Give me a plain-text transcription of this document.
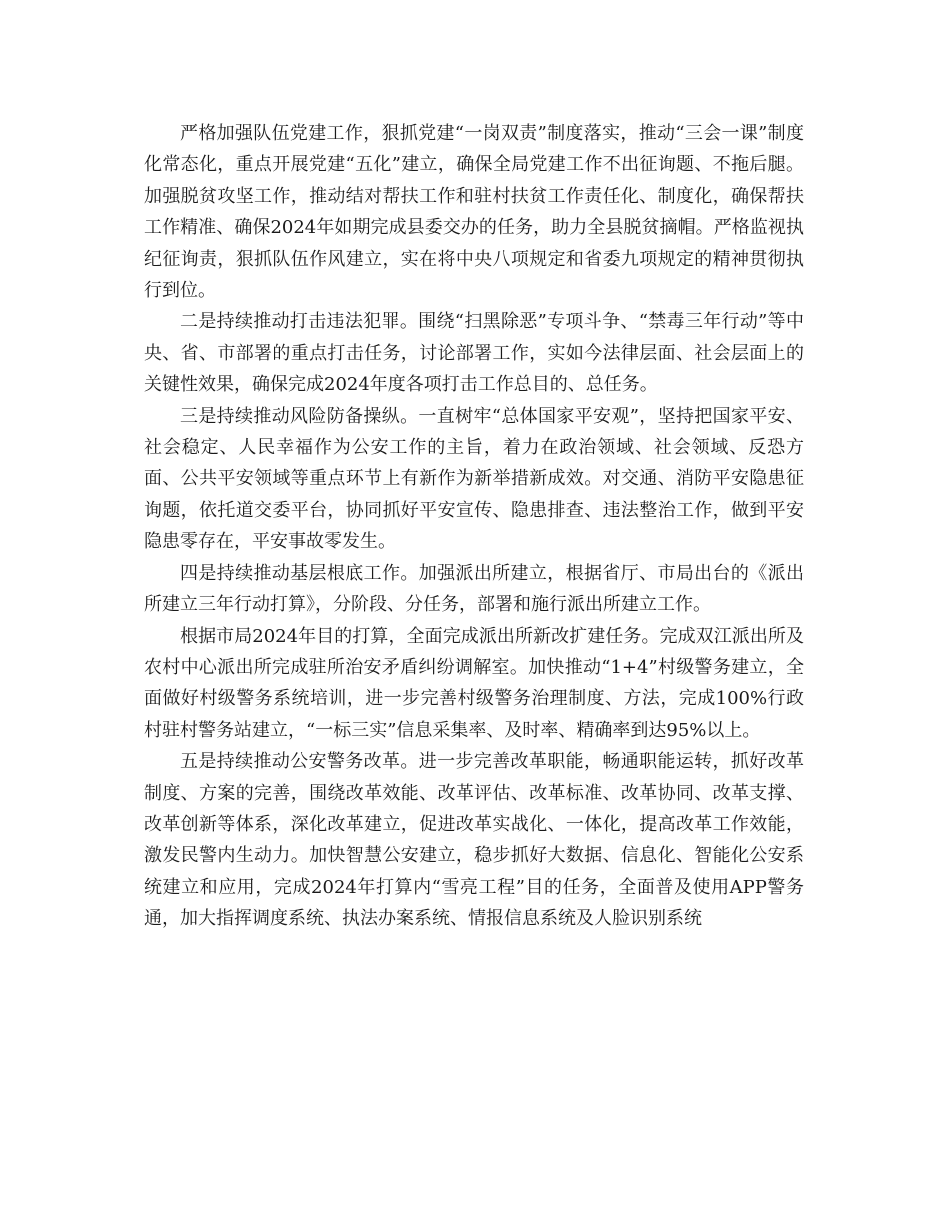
严格加强队伍党建工作，狠抓党建“一岗双责”制度落实，推动“三会一课”制度化常态化，重点开展党建“五化”建立，确保全局党建工作不出征询题、不拖后腿。加强脱贫攻坚工作，推动结对帮扶工作和驻村扶贫工作责任化、制度化，确保帮扶工作精准、确保2024年如期完成县委交办的任务，助力全县脱贫摘帽。严格监视执纪征询责，狠抓队伍作风建立，实在将中央八项规定和省委九项规定的精神贯彻执行到位。

二是持续推动打击违法犯罪。围绕“扫黑除恶”专项斗争、“禁毒三年行动”等中央、省、市部署的重点打击任务，讨论部署工作，实如今法律层面、社会层面上的关键性效果，确保完成2024年度各项打击工作总目的、总任务。

三是持续推动风险防备操纵。一直树牢“总体国家平安观”，坚持把国家平安、社会稳定、人民幸福作为公安工作的主旨，着力在政治领域、社会领域、反恐方面、公共平安领域等重点环节上有新作为新举措新成效。对交通、消防平安隐患征询题，依托道交委平台，协同抓好平安宣传、隐患排查、违法整治工作，做到平安隐患零存在，平安事故零发生。

四是持续推动基层根底工作。加强派出所建立，根据省厅、市局出台的《派出所建立三年行动打算》，分阶段、分任务，部署和施行派出所建立工作。

根据市局2024年目的打算，全面完成派出所新改扩建任务。完成双江派出所及农村中心派出所完成驻所治安矛盾纠纷调解室。加快推动“1+4”村级警务建立，全面做好村级警务系统培训，进一步完善村级警务治理制度、方法，完成100%行政村驻村警务站建立，“一标三实”信息采集率、及时率、精确率到达95%以上。

五是持续推动公安警务改革。进一步完善改革职能，畅通职能运转，抓好改革制度、方案的完善，围绕改革效能、改革评估、改革标准、改革协同、改革支撑、改革创新等体系，深化改革建立，促进改革实战化、一体化，提高改革工作效能，激发民警内生动力。加快智慧公安建立，稳步抓好大数据、信息化、智能化公安系统建立和应用，完成2024年打算内“雪亮工程”目的任务，全面普及使用APP警务通，加大指挥调度系统、执法办案系统、情报信息系统及人脸识别系统
